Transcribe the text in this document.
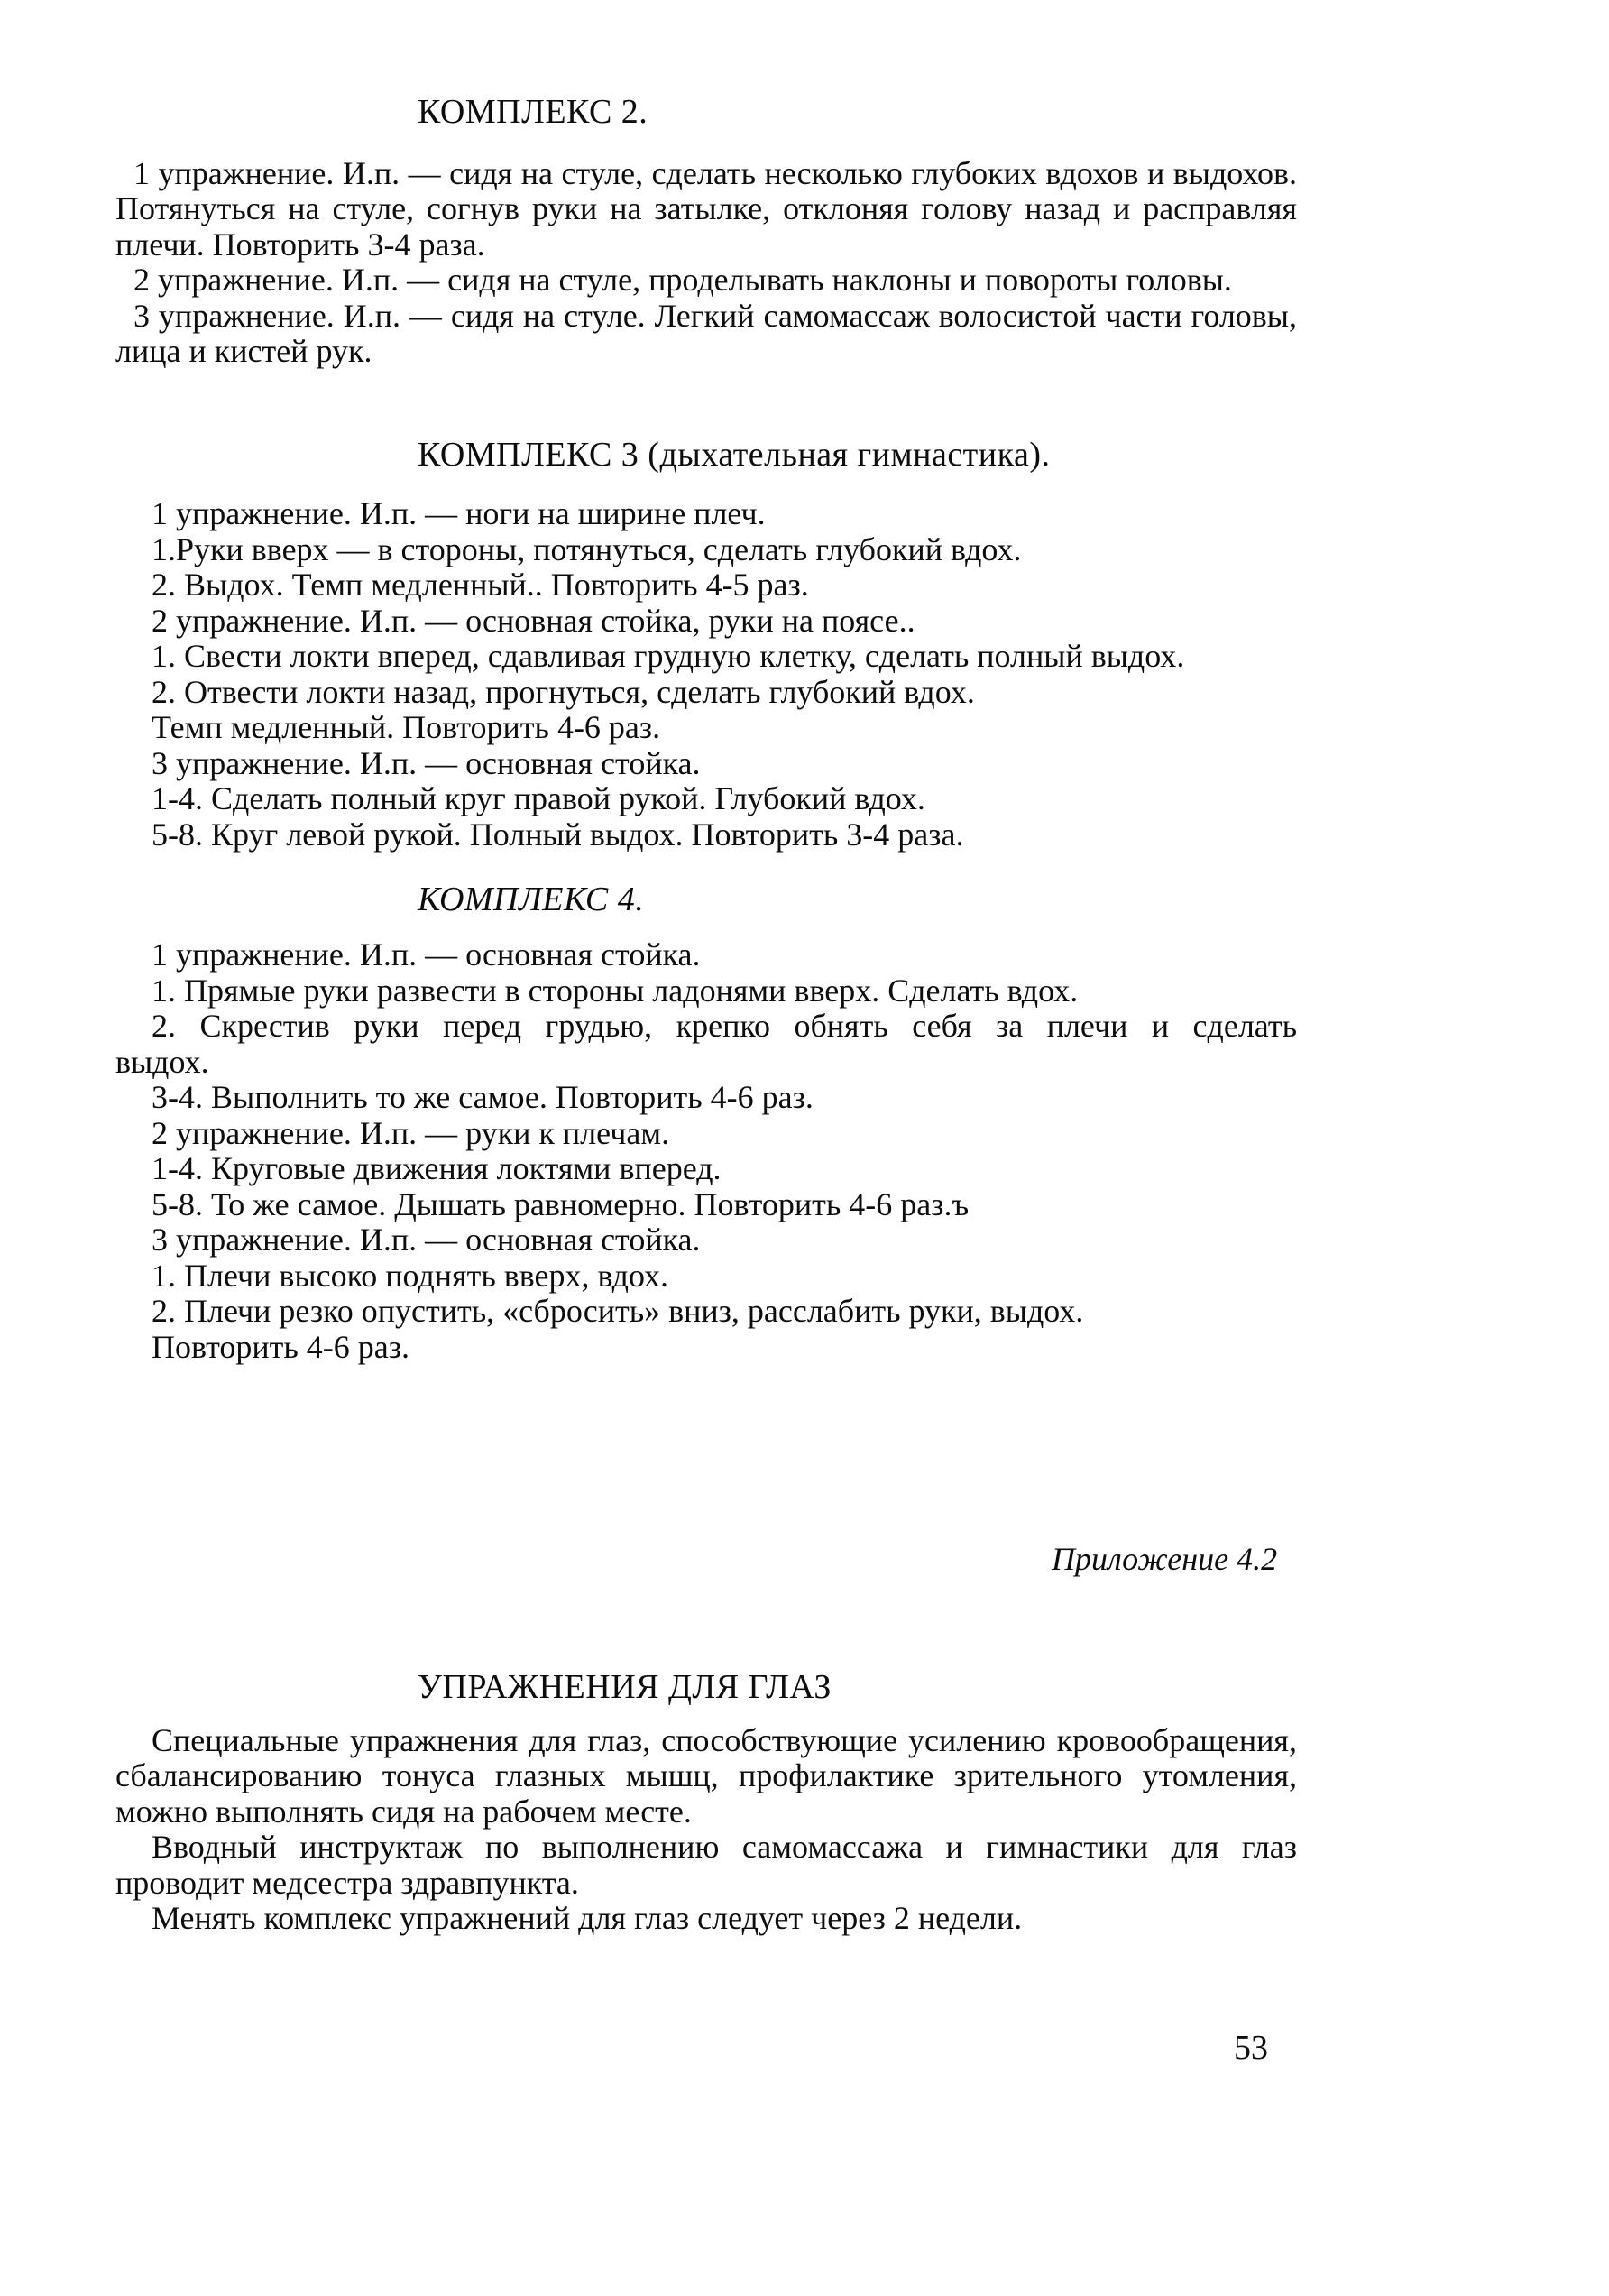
КОМПЛЕКС 2.

1 упражнение. И.п. — сидя на стуле, сделать несколько глубоких вдохов и выдохов. Потянуться на стуле, согнув руки на затылке, отклоняя голову назад и расправляя плечи. Повторить 3-4 раза.

2 упражнение. И.п. — сидя на стуле, проделывать наклоны и повороты головы.

3 упражнение. И.п. — сидя на стуле. Легкий самомассаж волосистой части головы, лица и кистей рук.

КОМПЛЕКС 3 (дыхательная гимнастика).
1 упражнение. И.п. — ноги на ширине плеч.
1.Руки вверх — в стороны, потянуться, сделать глубокий вдох.
2. Выдох. Темп медленный.. Повторить 4-5 раз.
2 упражнение. И.п. — основная стойка, руки на поясе..
1. Свести локти вперед, сдавливая грудную клетку, сделать полный выдох.
2. Отвести локти назад, прогнуться, сделать глубокий вдох.
Темп медленный. Повторить 4-6 раз.
3 упражнение. И.п. — основная стойка.
1-4. Сделать полный круг правой рукой. Глубокий вдох.
5-8. Круг левой рукой. Полный выдох. Повторить 3-4 раза.
КОМПЛЕКС 4.
1 упражнение. И.п. — основная стойка.
1. Прямые руки развести в стороны ладонями вверх. Сделать вдох.
2. Скрестив руки перед грудью, крепко обнять себя за плечи и сделать
выдох.
3-4. Выполнить то же самое. Повторить 4-6 раз.
2 упражнение. И.п. — руки к плечам.
1-4. Круговые движения локтями вперед.
5-8. То же самое. Дышать равномерно. Повторить 4-6 раз.ъ
3 упражнение. И.п. — основная стойка.
1. Плечи высоко поднять вверх, вдох.
2. Плечи резко опустить, «сбросить» вниз, расслабить руки, выдох.
Повторить 4-6 раз.
Приложение 4.2
УПРАЖНЕНИЯ ДЛЯ ГЛАЗ

Специальные упражнения для глаз, способствующие усилению кровообращения, сбалансированию тонуса глазных мышц, профилактике зрительного утомления, можно выполнять сидя на рабочем месте.

Вводный инструктаж по выполнению самомассажа и гимнастики для глаз проводит медсестра здравпункта.

Менять комплекс упражнений для глаз следует через 2 недели.

53
